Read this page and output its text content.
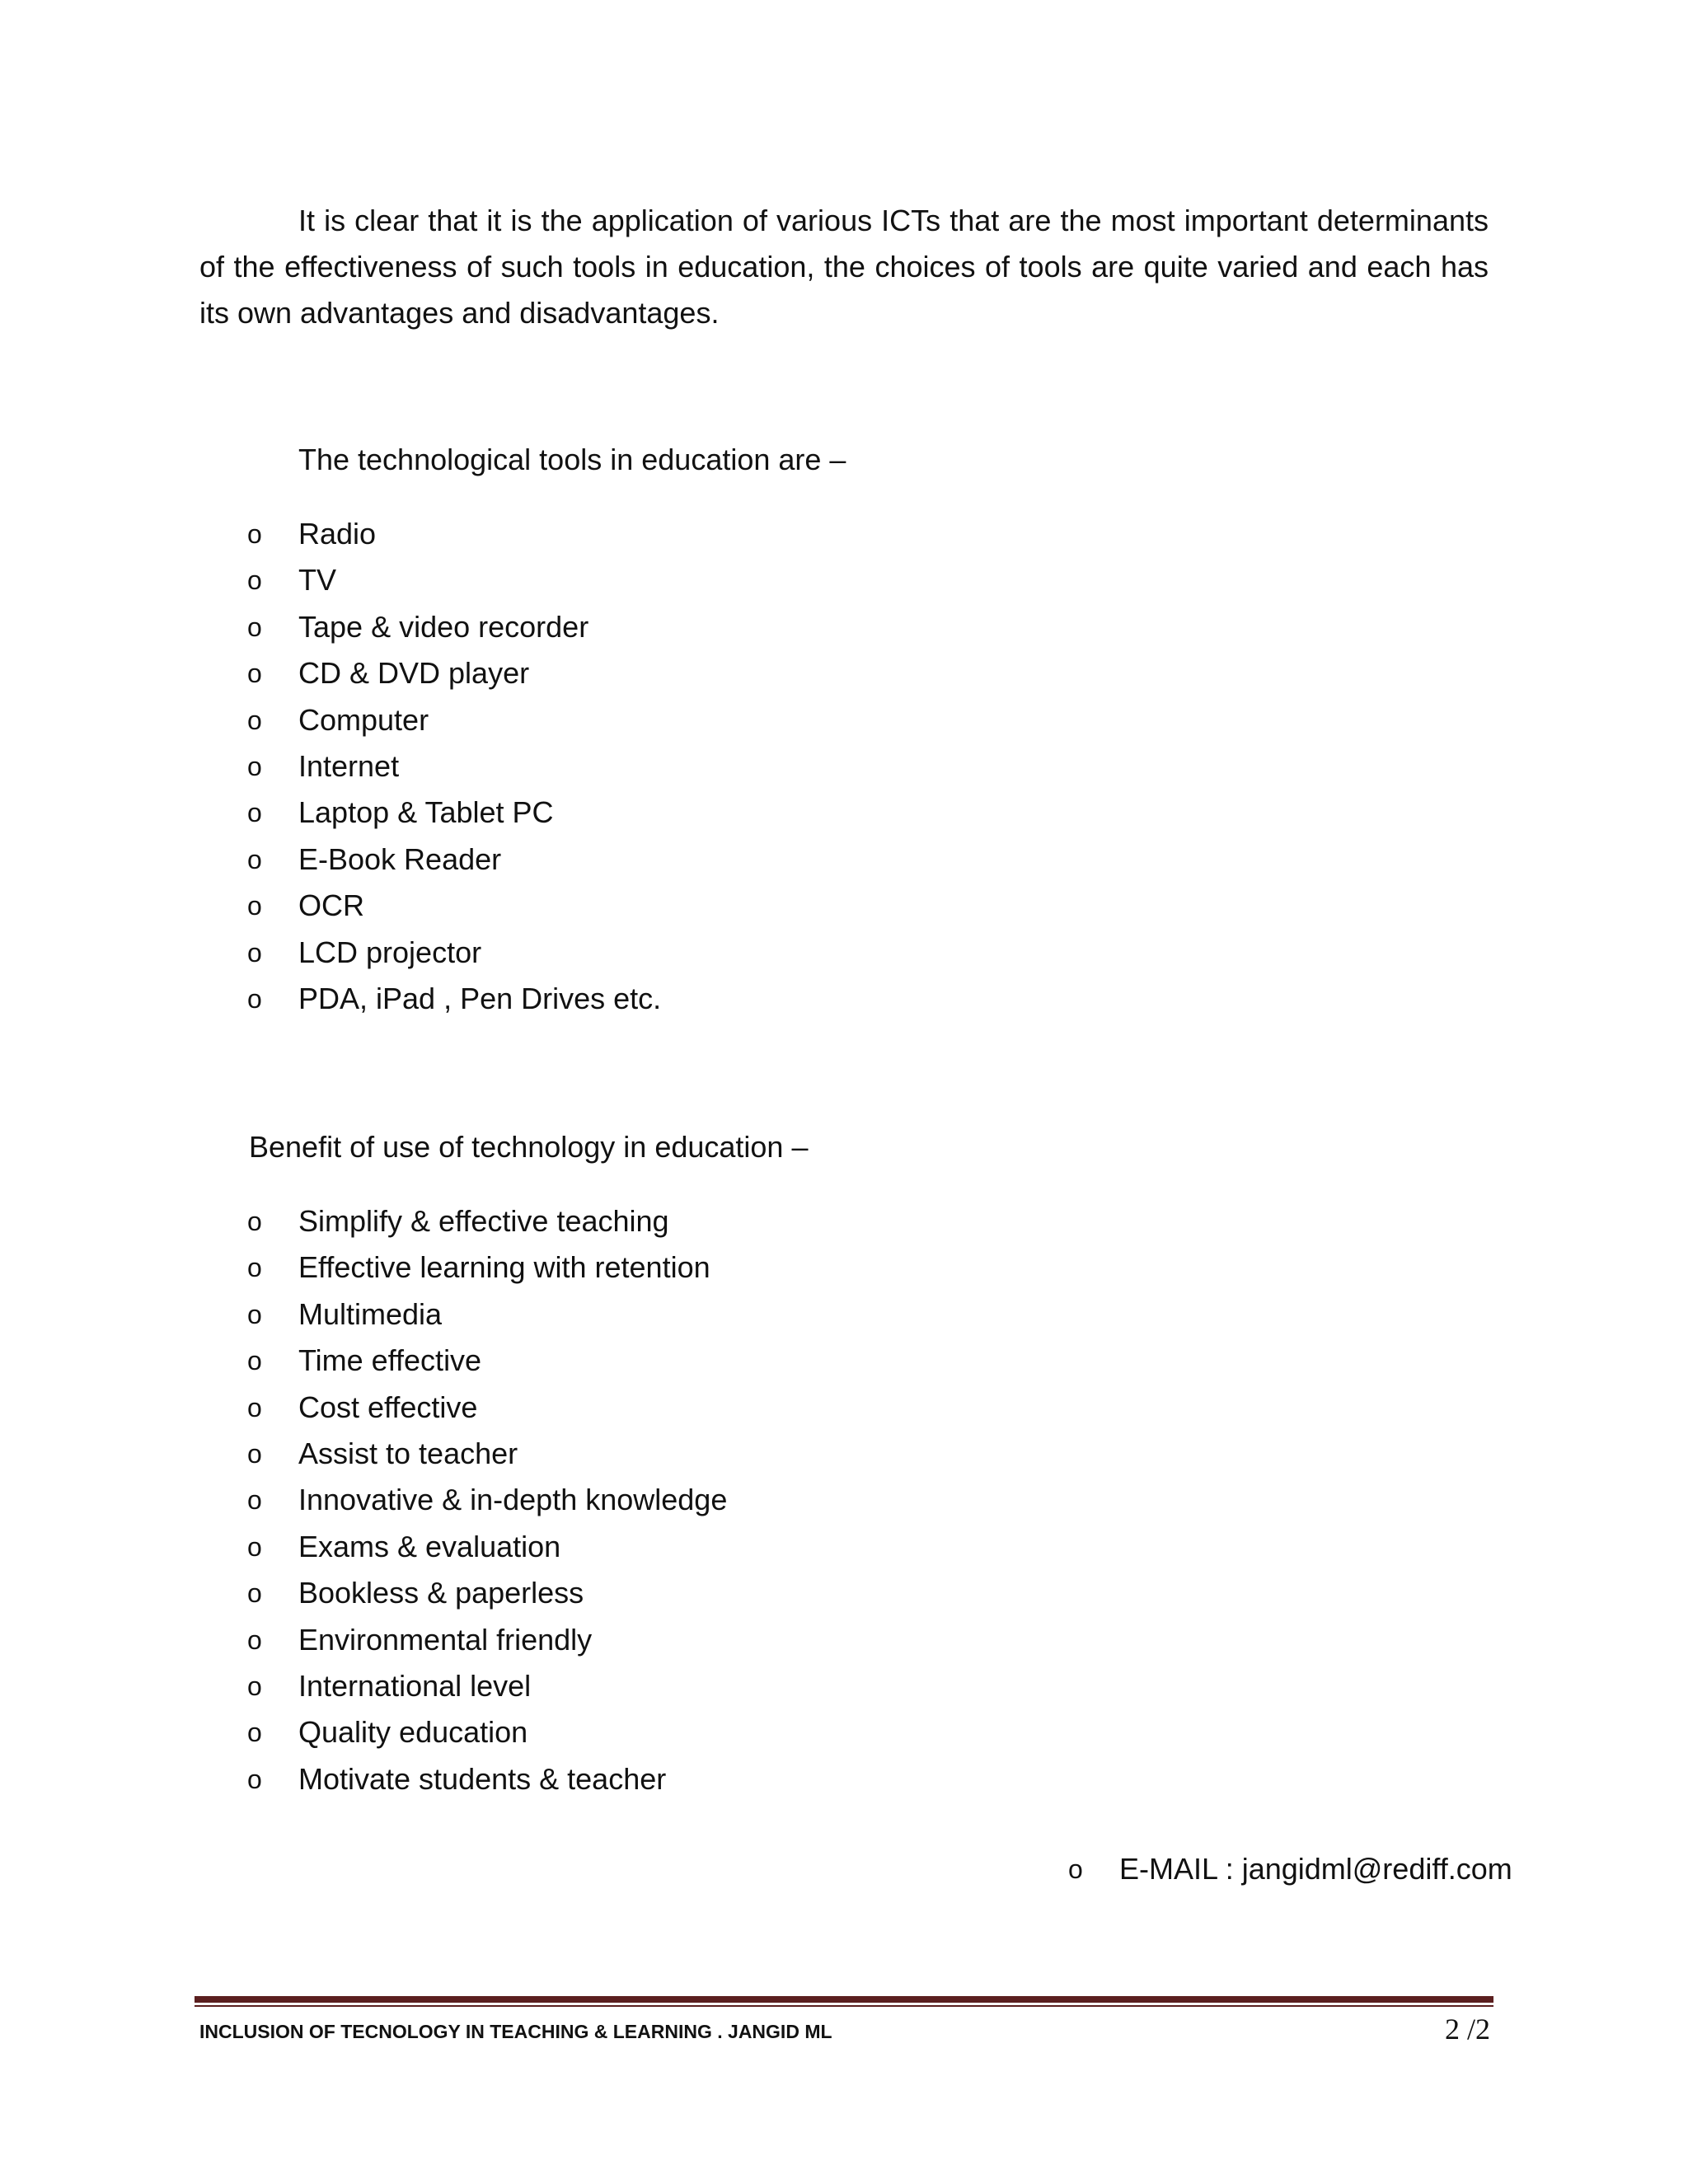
It is clear that it is the application of various ICTs that are the most important determinants of the effectiveness of such tools in education, the choices of tools are quite varied and each has its own advantages and disadvantages.

The technological tools in education are –

o	Radio
o	TV
o	Tape & video recorder
o	CD & DVD player
o	Computer
o	Internet
o	Laptop & Tablet PC
o	E-Book Reader
o	OCR
o	LCD projector
o	PDA, iPad , Pen Drives etc.

Benefit of use of technology in education –

o	Simplify & effective teaching
o	Effective learning with retention
o	Multimedia
o	Time effective
o	Cost effective
o	Assist to teacher
o	Innovative & in-depth knowledge
o	Exams & evaluation
o	Bookless & paperless
o	Environmental friendly
o	International level
o	Quality education
o	Motivate students & teacher
o	E-MAIL : jangidml@rediff.com
INCLUSION OF TECNOLOGY IN TEACHING & LEARNING . JANGID ML	2 /2
